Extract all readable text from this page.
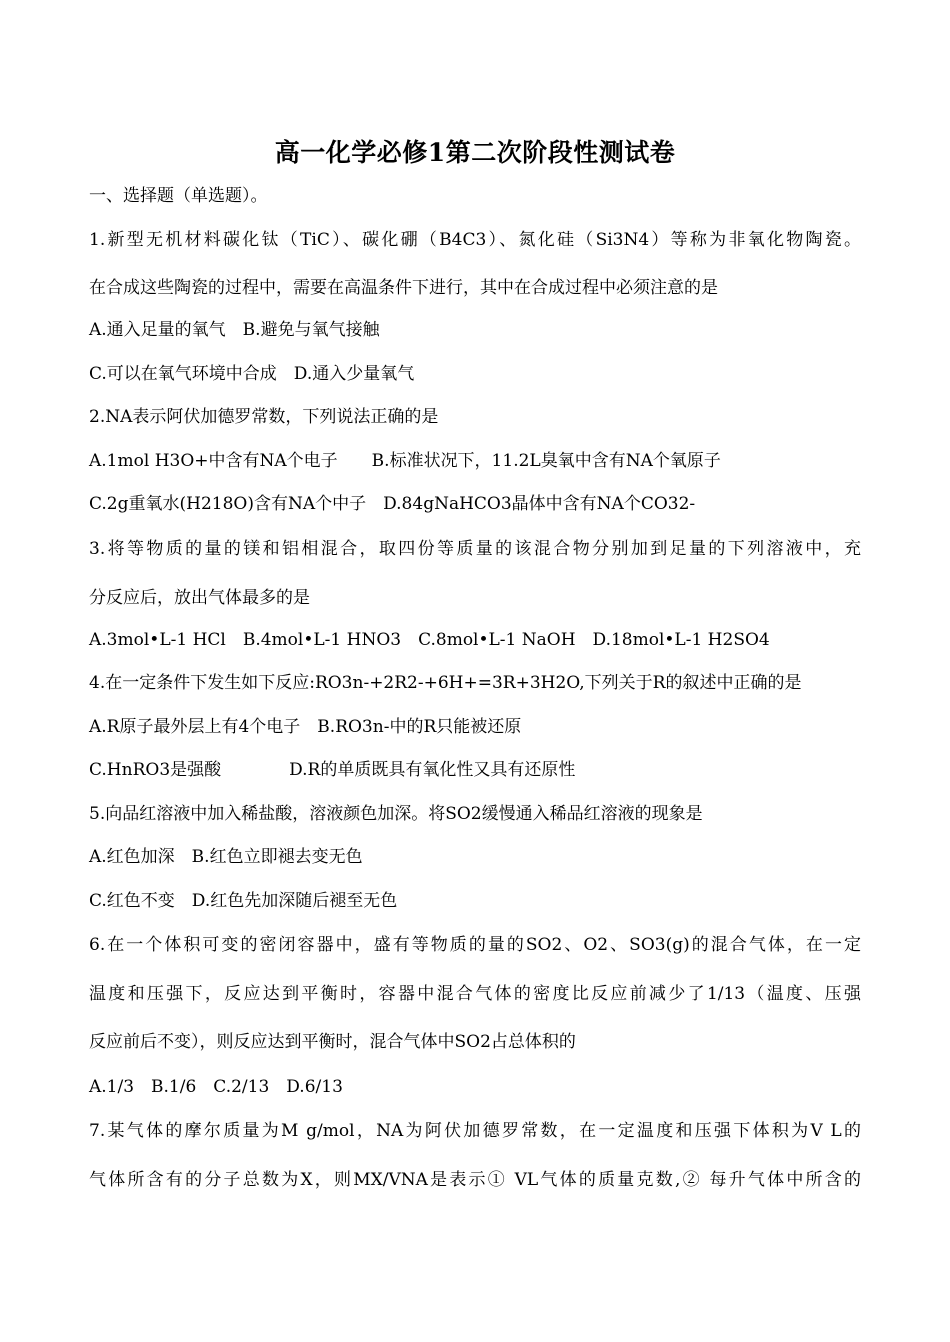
高一化学必修1第二次阶段性测试卷
一、选择题（单选题）。
1.新型无机材料碳化钛（TiC）、碳化硼（B4C3）、氮化硅（Si3N4）等称为非氧化物陶瓷。
在合成这些陶瓷的过程中，需要在高温条件下进行，其中在合成过程中必须注意的是
A.通入足量的氧气　B.避免与氧气接触
C.可以在氧气环境中合成　D.通入少量氧气
2.NA表示阿伏加德罗常数，下列说法正确的是
A.1mol H3O+中含有NA个电子　　B.标准状况下，11.2L臭氧中含有NA个氧原子
C.2g重氧水(H218O)含有NA个中子　D.84gNaHCO3晶体中含有NA个CO32-
3.将等物质的量的镁和铝相混合，取四份等质量的该混合物分别加到足量的下列溶液中，充
分反应后，放出气体最多的是
A.3mol•L-1 HCl　B.4mol•L-1 HNO3　C.8mol•L-1 NaOH　D.18mol•L-1 H2SO4
4.在一定条件下发生如下反应:RO3n-+2R2-+6H+=3R+3H2O,下列关于R的叙述中正确的是
A.R原子最外层上有4个电子　B.RO3n-中的R只能被还原
C.HnRO3是强酸　　　　D.R的单质既具有氧化性又具有还原性
5.向品红溶液中加入稀盐酸，溶液颜色加深。将SO2缓慢通入稀品红溶液的现象是
A.红色加深　B.红色立即褪去变无色
C.红色不变　D.红色先加深随后褪至无色
6.在一个体积可变的密闭容器中，盛有等物质的量的SO2、O2、SO3(g)的混合气体，在一定
温度和压强下，反应达到平衡时，容器中混合气体的密度比反应前减少了1/13（温度、压强
反应前后不变），则反应达到平衡时，混合气体中SO2占总体积的
A.1/3　B.1/6　C.2/13　D.6/13
7.某气体的摩尔质量为M g/mol，NA为阿伏加德罗常数，在一定温度和压强下体积为V L的
气体所含有的分子总数为X，则MX/VNA是表示① VL气体的质量克数,② 每升气体中所含的
